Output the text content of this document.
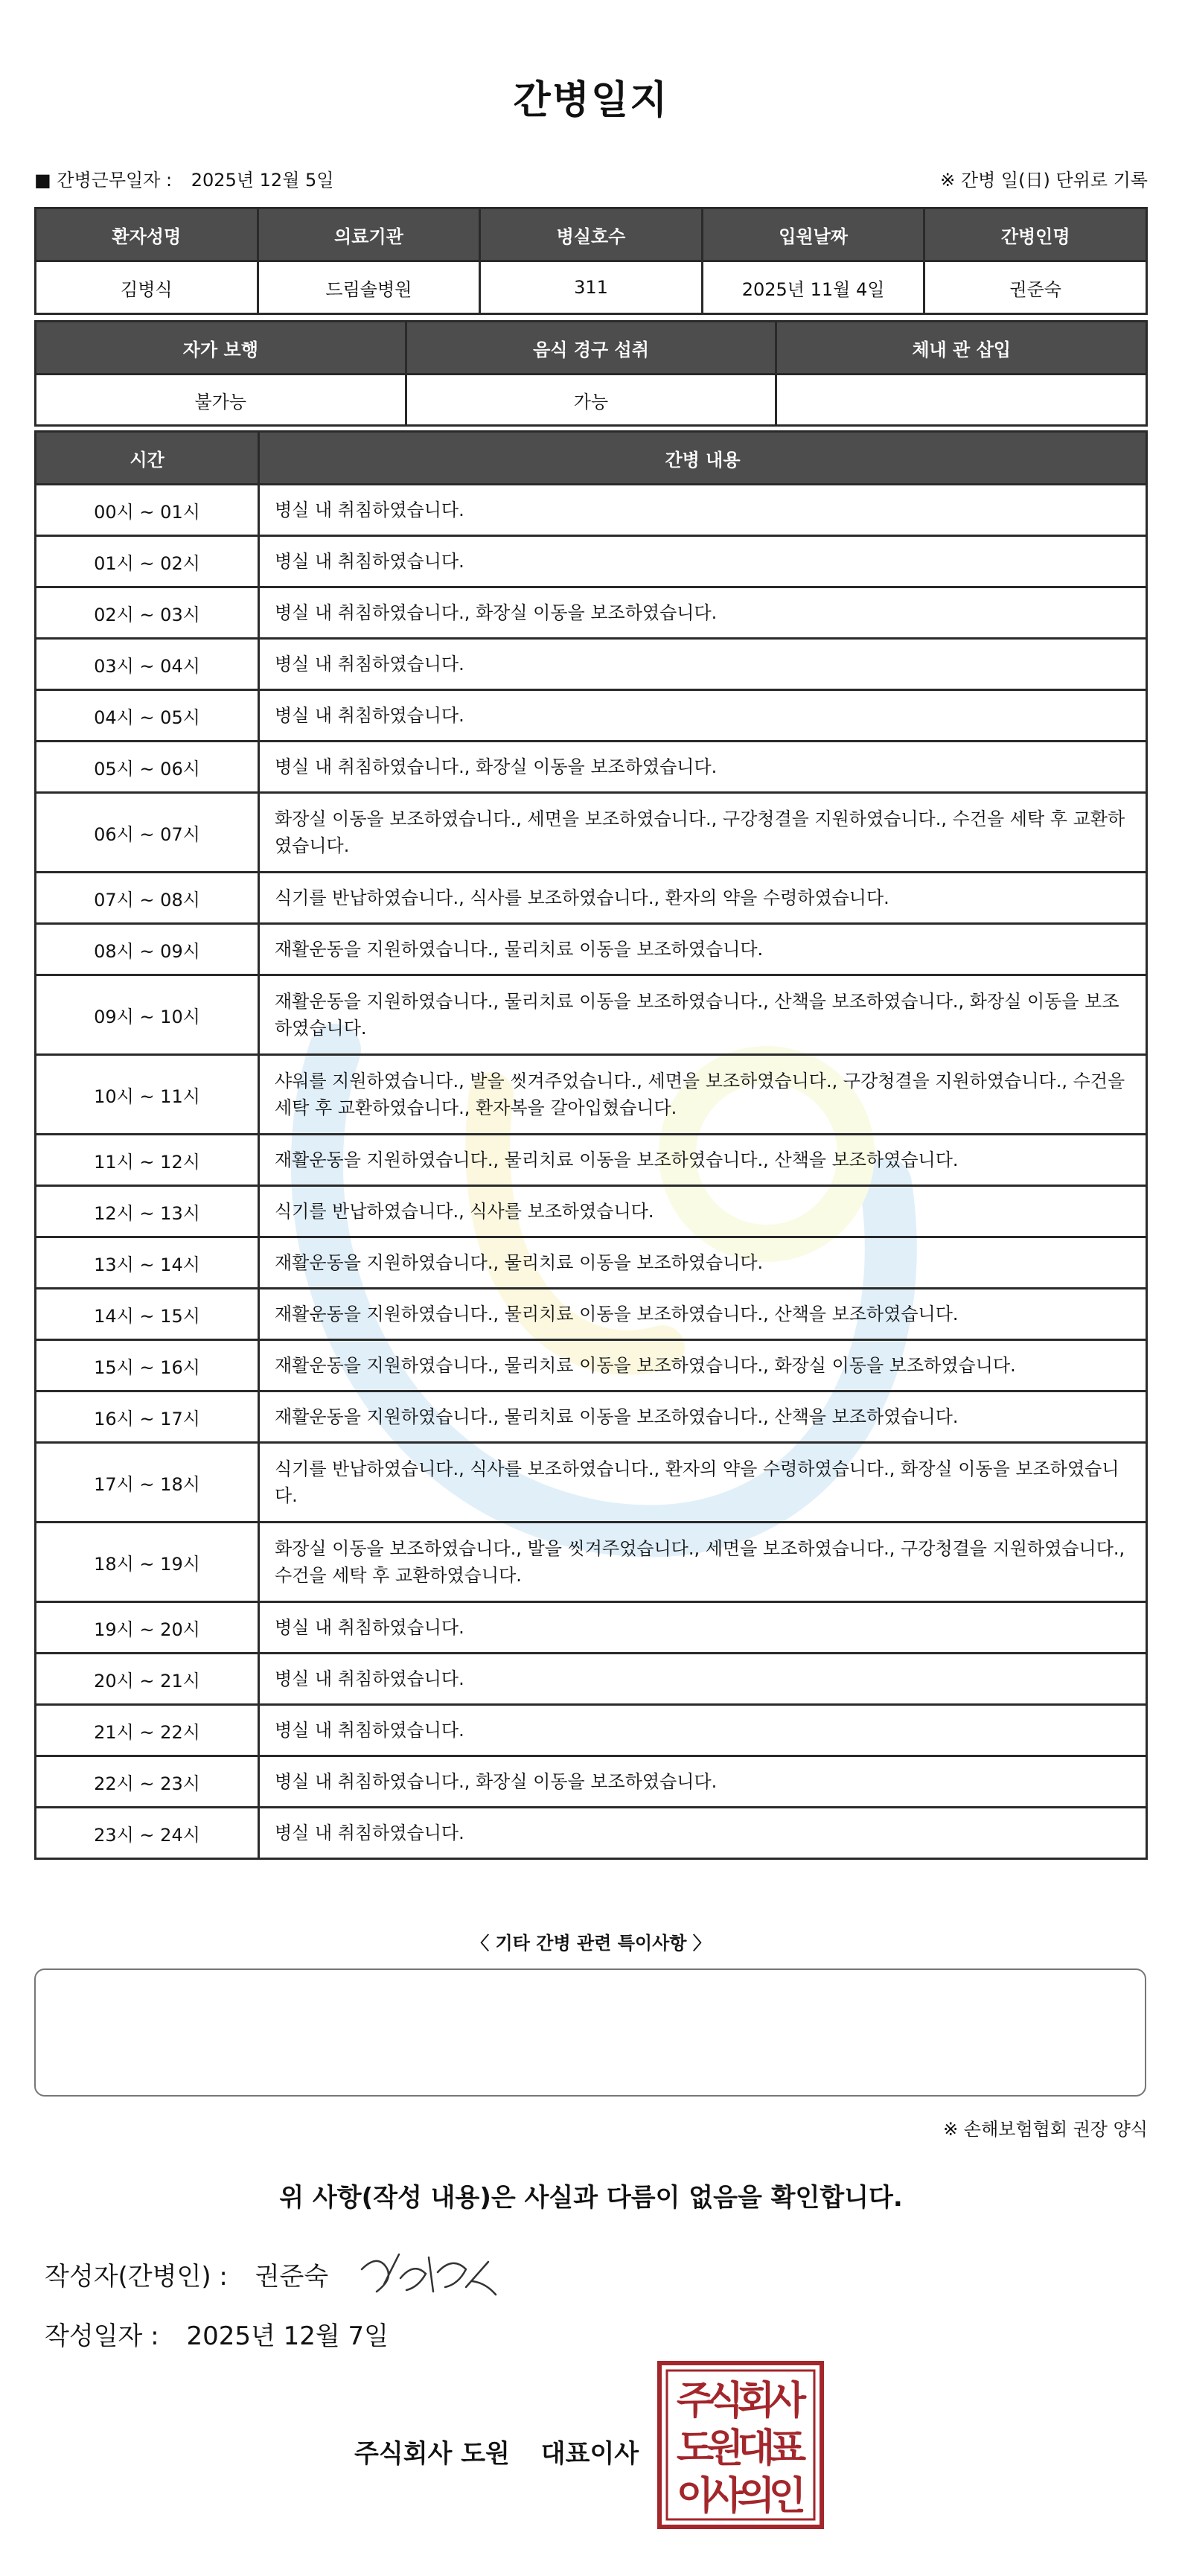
간병일지
■ 간병근무일자 : 2025년 12월 5일	※ 간병 일(日) 단위로 기록
환자성명	의료기관	병실호수	입원날짜	간병인명
김병식	드림솔병원	311	2025년 11월 4일	권준숙
자가 보행	음식 경구 섭취	체내 관 삽입
불가능	가능	
시간	간병 내용
00시 ~ 01시	병실 내 취침하였습니다.
01시 ~ 02시	병실 내 취침하였습니다.
02시 ~ 03시	병실 내 취침하였습니다., 화장실 이동을 보조하였습니다.
03시 ~ 04시	병실 내 취침하였습니다.
04시 ~ 05시	병실 내 취침하였습니다.
05시 ~ 06시	병실 내 취침하였습니다., 화장실 이동을 보조하였습니다.
06시 ~ 07시	화장실 이동을 보조하였습니다., 세면을 보조하였습니다., 구강청결을 지원하였습니다., 수건을 세탁 후 교환하였습니다.
07시 ~ 08시	식기를 반납하였습니다., 식사를 보조하였습니다., 환자의 약을 수령하였습니다.
08시 ~ 09시	재활운동을 지원하였습니다., 물리치료 이동을 보조하였습니다.
09시 ~ 10시	재활운동을 지원하였습니다., 물리치료 이동을 보조하였습니다., 산책을 보조하였습니다., 화장실 이동을 보조하였습니다.
10시 ~ 11시	샤워를 지원하였습니다., 발을 씻겨주었습니다., 세면을 보조하였습니다., 구강청결을 지원하였습니다., 수건을 세탁 후 교환하였습니다., 환자복을 갈아입혔습니다.
11시 ~ 12시	재활운동을 지원하였습니다., 물리치료 이동을 보조하였습니다., 산책을 보조하였습니다.
12시 ~ 13시	식기를 반납하였습니다., 식사를 보조하였습니다.
13시 ~ 14시	재활운동을 지원하였습니다., 물리치료 이동을 보조하였습니다.
14시 ~ 15시	재활운동을 지원하였습니다., 물리치료 이동을 보조하였습니다., 산책을 보조하였습니다.
15시 ~ 16시	재활운동을 지원하였습니다., 물리치료 이동을 보조하였습니다., 화장실 이동을 보조하였습니다.
16시 ~ 17시	재활운동을 지원하였습니다., 물리치료 이동을 보조하였습니다., 산책을 보조하였습니다.
17시 ~ 18시	식기를 반납하였습니다., 식사를 보조하였습니다., 환자의 약을 수령하였습니다., 화장실 이동을 보조하였습니다.
18시 ~ 19시	화장실 이동을 보조하였습니다., 발을 씻겨주었습니다., 세면을 보조하였습니다., 구강청결을 지원하였습니다., 수건을 세탁 후 교환하였습니다.
19시 ~ 20시	병실 내 취침하였습니다.
20시 ~ 21시	병실 내 취침하였습니다.
21시 ~ 22시	병실 내 취침하였습니다.
22시 ~ 23시	병실 내 취침하였습니다., 화장실 이동을 보조하였습니다.
23시 ~ 24시	병실 내 취침하였습니다.
〈 기타 간병 관련 특이사항 〉
※ 손해보험협회 권장 양식
위 사항(작성 내용)은 사실과 다름이 없음을 확인합니다.
작성자(간병인) : 권준숙
작성일자 : 2025년 12월 7일
주식회사 도원 대표이사
주
식
회
사
도
원
대
표
이
사
의
인
